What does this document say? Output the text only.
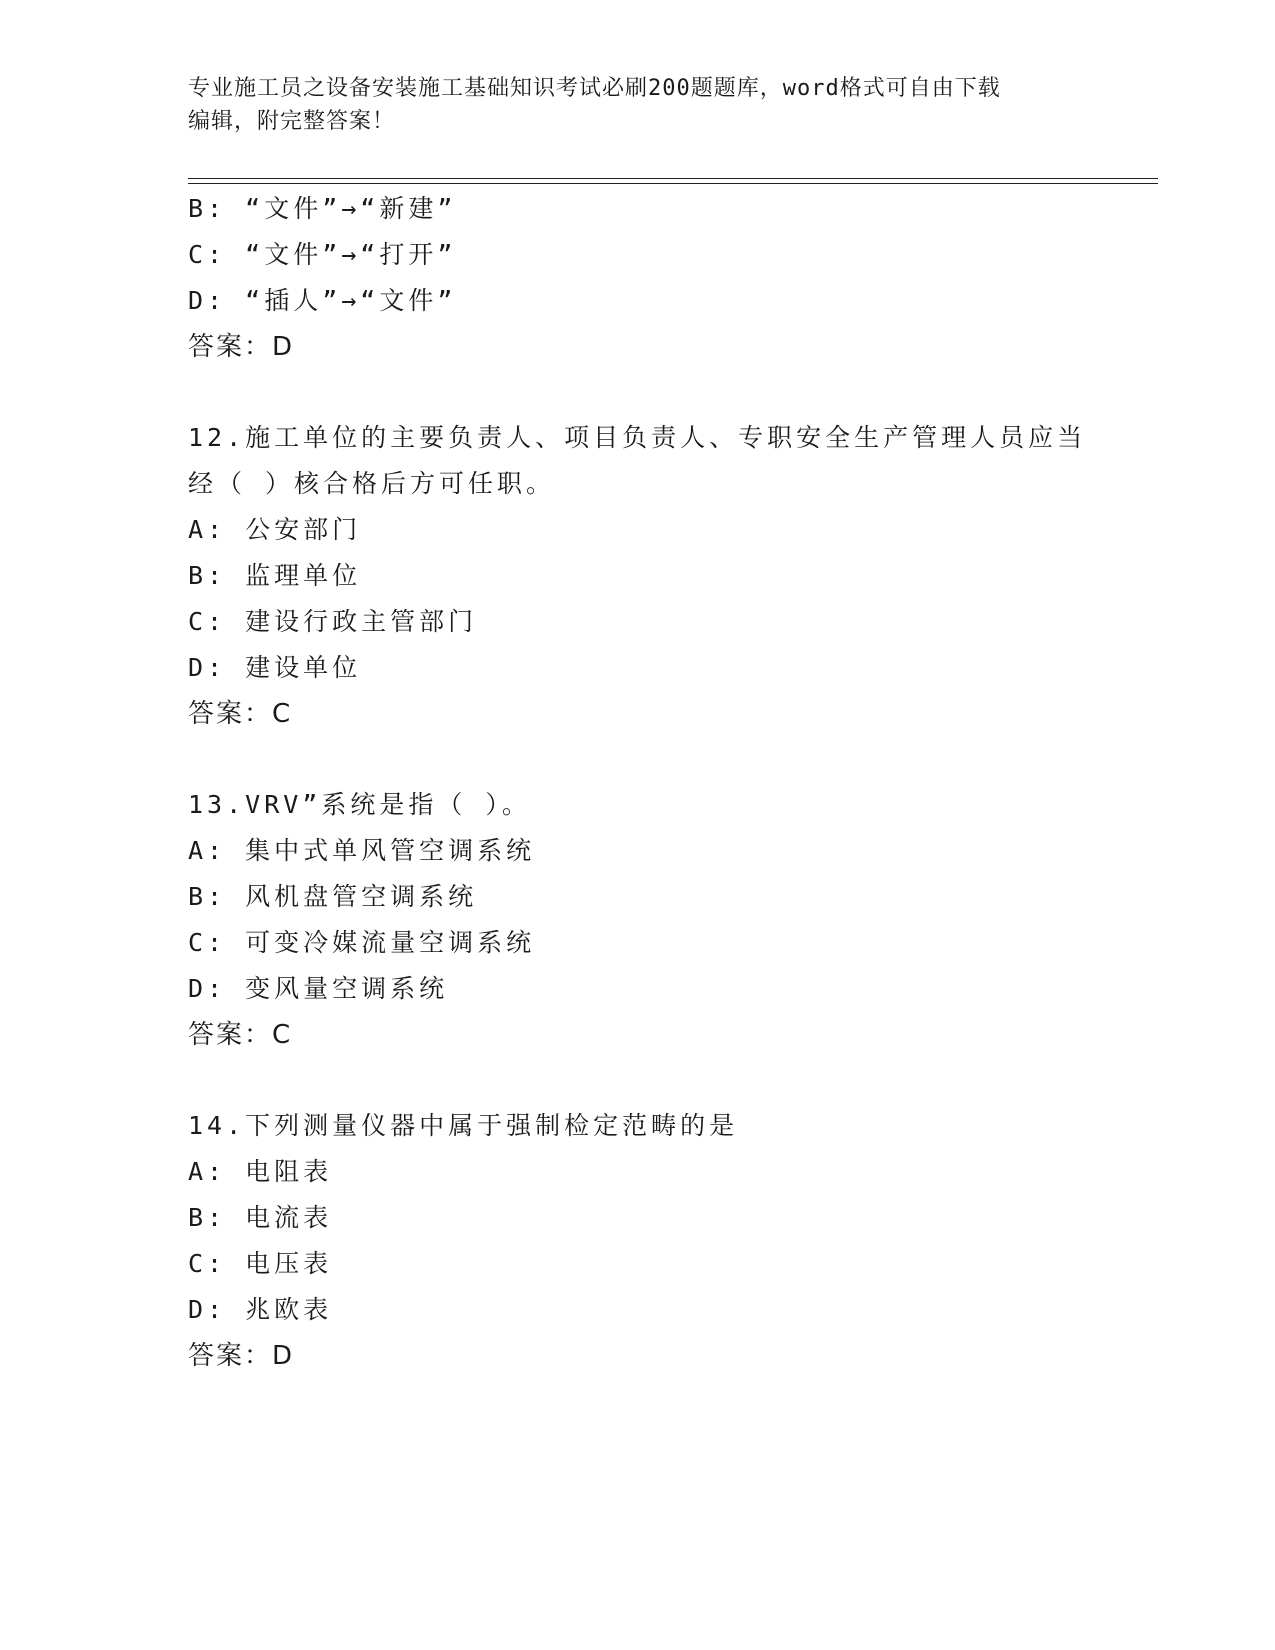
专业施工员之设备安装施工基础知识考试必刷200题题库，word格式可自由下载
编辑，附完整答案！
B: “文件”→“新建”
C: “文件”→“打开”
D: “插人”→“文件”
答案：D
12.施工单位的主要负责人、项目负责人、专职安全生产管理人员应当
经（ ）核合格后方可任职。
A: 公安部门
B: 监理单位
C: 建设行政主管部门
D: 建设单位
答案：C
13.VRV”系统是指（ ）。
A: 集中式单风管空调系统
B: 风机盘管空调系统
C: 可变冷媒流量空调系统
D: 变风量空调系统
答案：C
14.下列测量仪器中属于强制检定范畴的是
A: 电阻表
B: 电流表
C: 电压表
D: 兆欧表
答案：D
